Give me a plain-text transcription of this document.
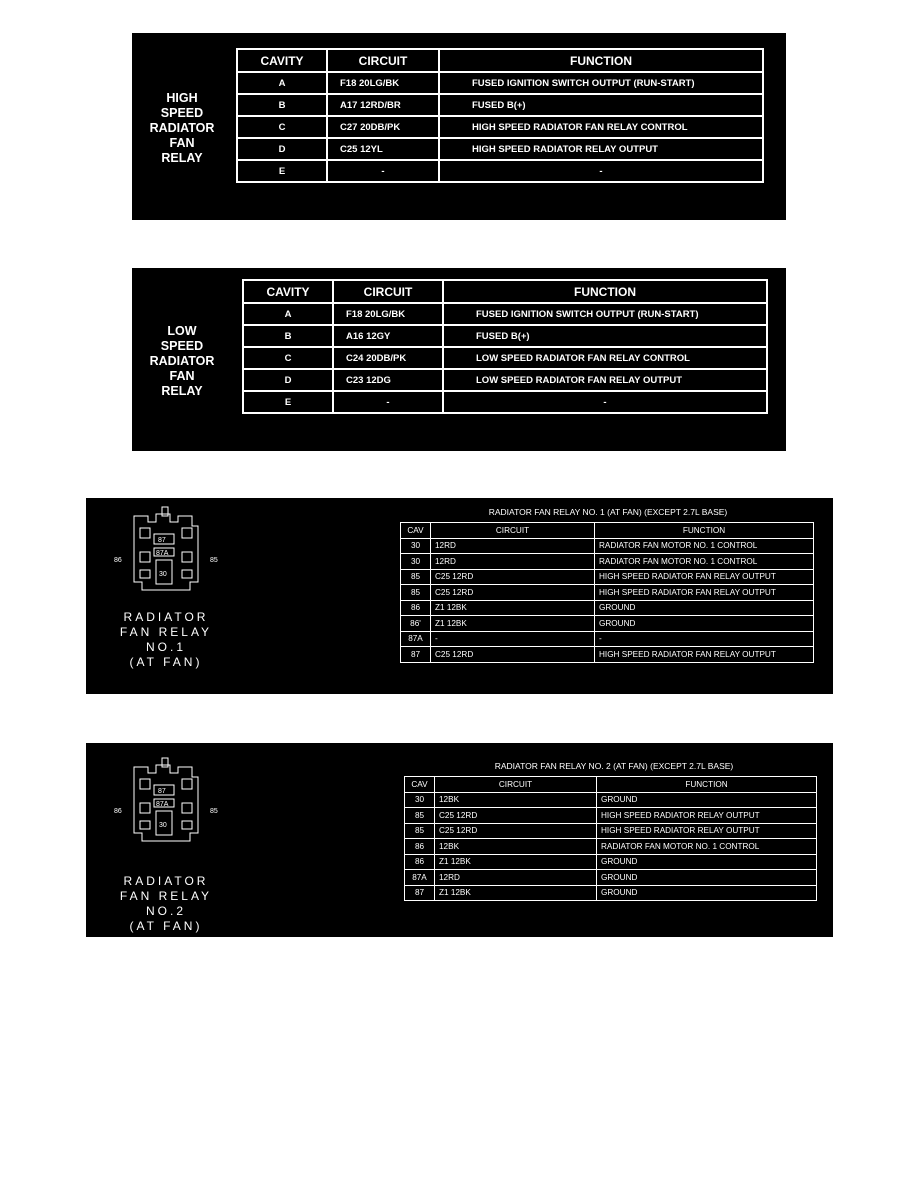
HIGH
SPEED
RADIATOR
FAN
RELAY
CAVITY	CIRCUIT	FUNCTION
A	F18 20LG/BK	FUSED IGNITION SWITCH OUTPUT (RUN-START)
B	A17 12RD/BR	FUSED B(+)
C	C27 20DB/PK	HIGH SPEED RADIATOR FAN RELAY CONTROL
D	C25 12YL	HIGH SPEED RADIATOR RELAY OUTPUT
E	-	-
LOW
SPEED
RADIATOR
FAN
RELAY
CAVITY	CIRCUIT	FUNCTION
A	F18 20LG/BK	FUSED IGNITION SWITCH OUTPUT (RUN-START)
B	A16 12GY	FUSED B(+)
C	C24 20DB/PK	LOW SPEED RADIATOR FAN RELAY CONTROL
D	C23 12DG	LOW SPEED RADIATOR FAN RELAY OUTPUT
E	-	-
86	85
87
87A
30
RADIATOR
FAN RELAY
NO.1
(AT FAN)
RADIATOR FAN RELAY NO. 1 (AT FAN) (EXCEPT 2.7L BASE)
CAV	CIRCUIT	FUNCTION
30	12RD	RADIATOR FAN MOTOR NO. 1 CONTROL
30	12RD	RADIATOR FAN MOTOR NO. 1 CONTROL
85	C25 12RD	HIGH SPEED RADIATOR FAN RELAY OUTPUT
85	C25 12RD	HIGH SPEED RADIATOR FAN RELAY OUTPUT
86	Z1 12BK	GROUND
86'	Z1 12BK	GROUND
87A	-	-
87	C25 12RD	HIGH SPEED RADIATOR FAN RELAY OUTPUT
86	85
87
87A
30
RADIATOR
FAN RELAY
NO.2
(AT FAN)
RADIATOR FAN RELAY NO. 2 (AT FAN) (EXCEPT 2.7L BASE)
CAV	CIRCUIT	FUNCTION
30	12BK	GROUND
85	C25 12RD	HIGH SPEED RADIATOR RELAY OUTPUT
85	C25 12RD	HIGH SPEED RADIATOR RELAY OUTPUT
86	12BK	RADIATOR FAN MOTOR NO. 1 CONTROL
86	Z1 12BK	GROUND
87A	12RD	GROUND
87	Z1 12BK	GROUND
